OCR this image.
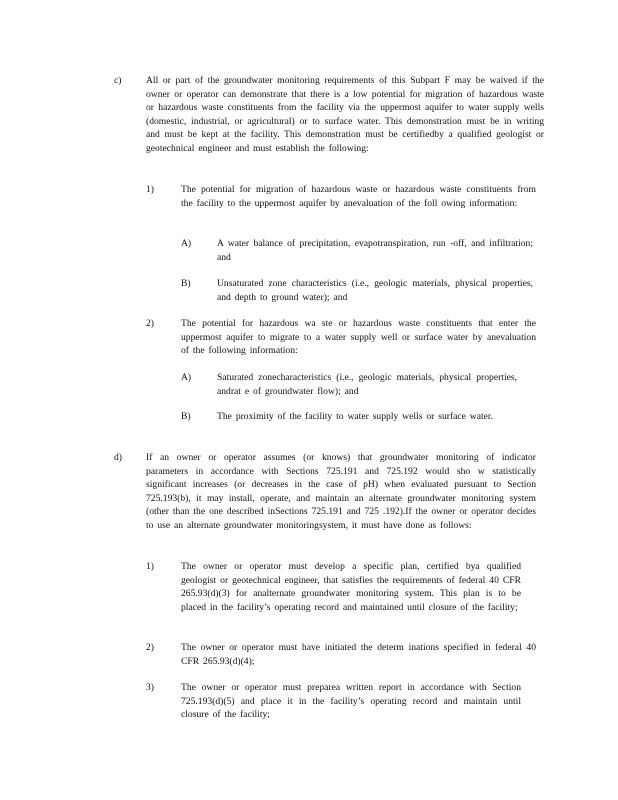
c)	All or part of the groundwater monitoring requirements of this Subpart F may be waived if the owner or operator can demonstrate that there is a low potential for migration of hazardous waste or hazardous waste constituents from the facility via the uppermost aquifer to water supply wells (domestic, industrial, or agricultural) or to surface water. This demonstration must be in writing and must be kept at the facility. This demonstration must be certifiedby a qualified geologist or geotechnical engineer and must establish the following:
1)	The potential for migration of hazardous waste or hazardous waste constituents from the facility to the uppermost aquifer by anevaluation of the foll owing information:
A)	A water balance of precipitation, evapotranspiration, run -off, and infiltration; and
B)	Unsaturated zone characteristics (i.e., geologic materials, physical properties, and depth to ground water); and
2)	The potential for hazardous wa ste or hazardous waste constituents that enter the uppermost aquifer to migrate to a water supply well or surface water by anevaluation of the following information:
A)	Saturated zonecharacteristics (i.e., geologic materials, physical properties, andrat e of groundwater flow); and
B)	The proximity of the facility to water supply wells or surface water.
d)	If an owner or operator assumes (or knows) that groundwater monitoring of indicator parameters in accordance with Sections 725.191 and 725.192 would sho w statistically significant increases (or decreases in the case of pH) when evaluated pursuant to Section 725.193(b), it may install, operate, and maintain an alternate groundwater monitoring system (other than the one described inSections 725.191 and 725 .192).If the owner or operator decides to use an alternate groundwater monitoringsystem, it must have done as follows:
1)	The owner or operator must develop a specific plan, certified bya qualified geologist or geotechnical engineer, that satisfies the requirements of federal 40 CFR 265.93(d)(3) for analternate groundwater monitoring system. This plan is to be placed in the facility’s operating record and maintained until closure of the facility;
2)	The owner or operator must have initiated the determ inations specified in federal 40 CFR 265.93(d)(4);
3)	The owner or operator must preparea written report in accordance with Section 725.193(d)(5) and place it in the facility’s operating record and maintain until closure of the facility;
